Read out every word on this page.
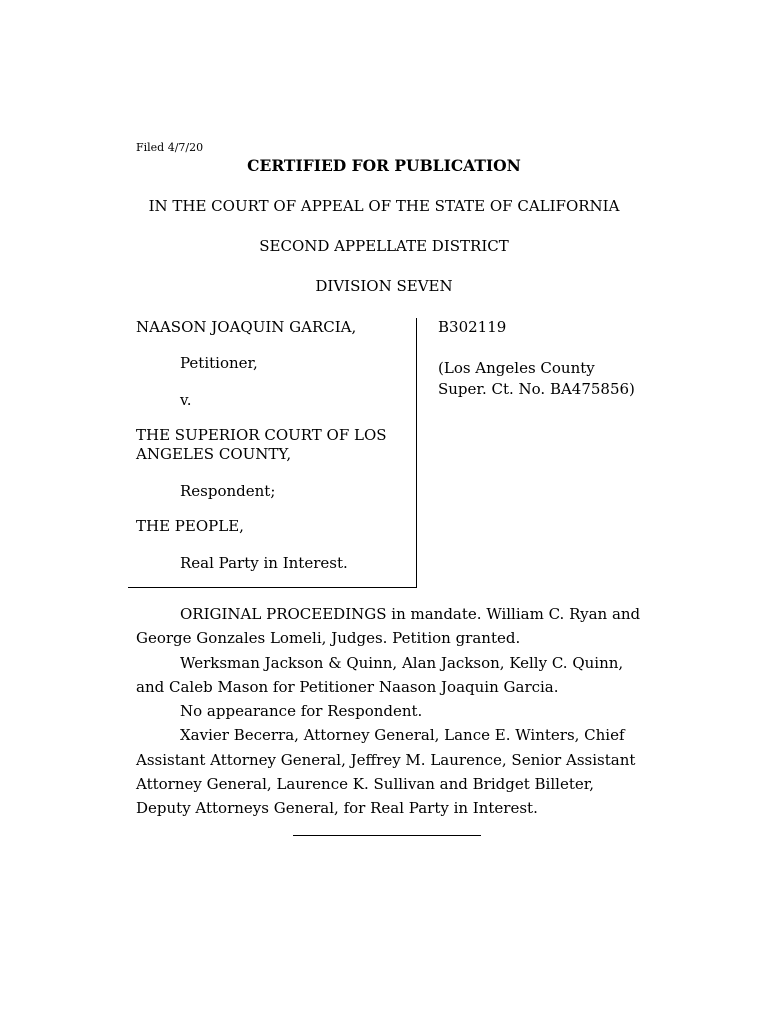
Filed 4/7/20
CERTIFIED FOR PUBLICATION
IN THE COURT OF APPEAL OF THE STATE OF CALIFORNIA
SECOND APPELLATE DISTRICT
DIVISION SEVEN
NAASON JOAQUIN GARCIA,
Petitioner,
v.
THE SUPERIOR COURT OF LOS
ANGELES COUNTY,
Respondent;
THE PEOPLE,
Real Party in Interest.
B302119
(Los Angeles County
Super. Ct. No. BA475856)

ORIGINAL PROCEEDINGS in mandate. William C. Ryan and George Gonzales Lomeli, Judges. Petition granted.

Werksman Jackson & Quinn, Alan Jackson, Kelly C. Quinn, and Caleb Mason for Petitioner Naason Joaquin Garcia.

No appearance for Respondent.

Xavier Becerra, Attorney General, Lance E. Winters, Chief Assistant Attorney General, Jeffrey M. Laurence, Senior Assistant Attorney General, Laurence K. Sullivan and Bridget Billeter, Deputy Attorneys General, for Real Party in Interest.
